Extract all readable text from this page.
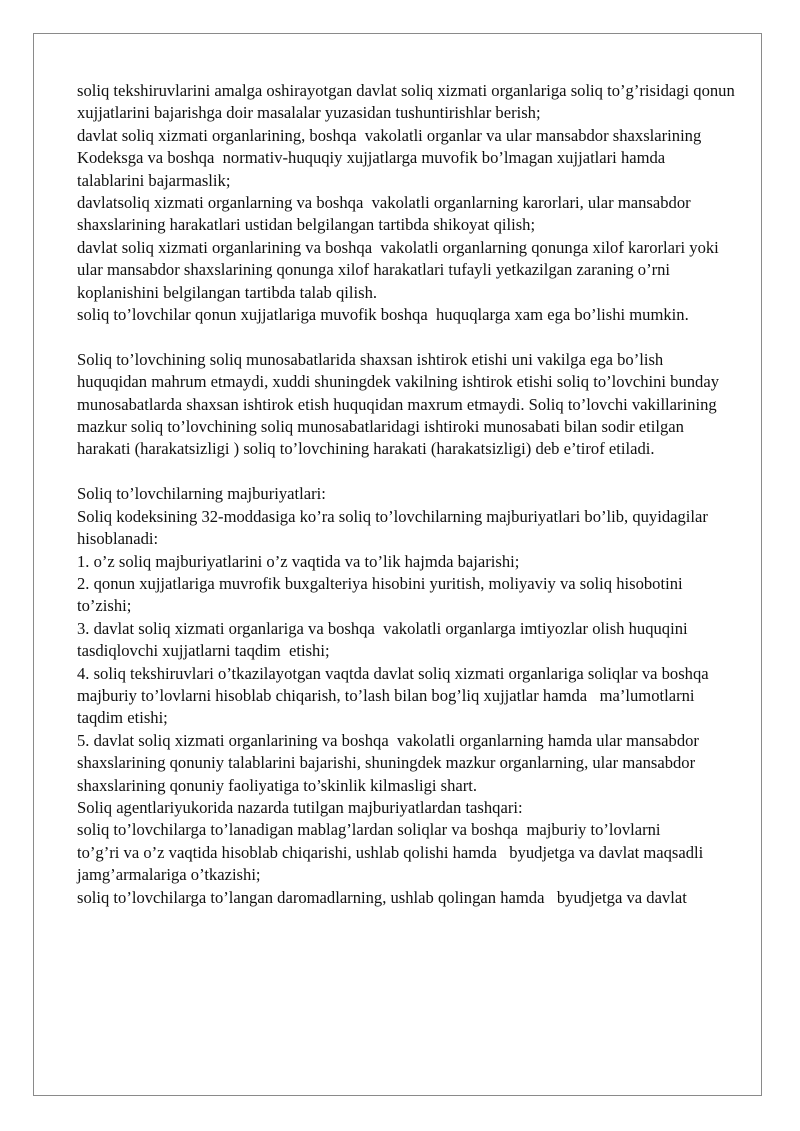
soliq tekshiruvlarini amalga oshirayotgan davlat soliq xizmati organlariga soliq to’g’risidagi qonun xujjatlarini bajarishga doir masalalar yuzasidan tushuntirishlar berish;

davlat soliq xizmati organlarining, boshqa  vakolatli organlar va ular mansabdor shaxslarining Kodeksga va boshqa  normativ-huquqiy xujjatlarga muvofik bo’lmagan xujjatlari hamda   talablarini bajarmaslik;

davlatsoliq xizmati organlarning va boshqa  vakolatli organlarning karorlari, ular mansabdor shaxslarining harakatlari ustidan belgilangan tartibda shikoyat qilish;

davlat soliq xizmati organlarining va boshqa  vakolatli organlarning qonunga xilof karorlari yoki ular mansabdor shaxslarining qonunga xilof harakatlari tufayli yetkazilgan zaraning o’rni koplanishini belgilangan tartibda talab qilish.

soliq to’lovchilar qonun xujjatlariga muvofik boshqa  huquqlarga xam ega bo’lishi mumkin.

Soliq to’lovchining soliq munosabatlarida shaxsan ishtirok etishi uni vakilga ega bo’lish huquqidan mahrum etmaydi, xuddi shuningdek vakilning ishtirok etishi soliq to’lovchini bunday munosabatlarda shaxsan ishtirok etish huquqidan maxrum etmaydi. Soliq to’lovchi vakillarining mazkur soliq to’lovchining soliq munosabatlaridagi ishtiroki munosabati bilan sodir etilgan harakati (harakatsizligi ) soliq to’lovchining harakati (harakatsizligi) deb e’tirof etiladi.

Soliq to’lovchilarning majburiyatlari:

Soliq kodeksining 32-moddasiga ko’ra soliq to’lovchilarning majburiyatlari bo’lib, quyidagilar hisoblanadi:

1. o’z soliq majburiyatlarini o’z vaqtida va to’lik hajmda bajarishi;

2. qonun xujjatlariga muvrofik buxgalteriya hisobini yuritish, moliyaviy va soliq hisobotini to’zishi;

3. davlat soliq xizmati organlariga va boshqa  vakolatli organlarga imtiyozlar olish huquqini tasdiqlovchi xujjatlarni taqdim  etishi;

4. soliq tekshiruvlari o’tkazilayotgan vaqtda davlat soliq xizmati organlariga soliqlar va boshqa  majburiy to’lovlarni hisoblab chiqarish, to’lash bilan bog’liq xujjatlar hamda   ma’lumotlarni taqdim etishi;

5. davlat soliq xizmati organlarining va boshqa  vakolatli organlarning hamda ular mansabdor shaxslarining qonuniy talablarini bajarishi, shuningdek mazkur organlarning, ular mansabdor shaxslarining qonuniy faoliyatiga to’skinlik kilmasligi shart.

Soliq agentlariyukorida nazarda tutilgan majburiyatlardan tashqari:

soliq to’lovchilarga to’lanadigan mablag’lardan soliqlar va boshqa  majburiy to’lovlarni

to’g’ri va o’z vaqtida hisoblab chiqarishi, ushlab qolishi hamda   byudjetga va davlat maqsadli jamg’armalariga o’tkazishi;

soliq to’lovchilarga to’langan daromadlarning, ushlab qolingan hamda   byudjetga va davlat
